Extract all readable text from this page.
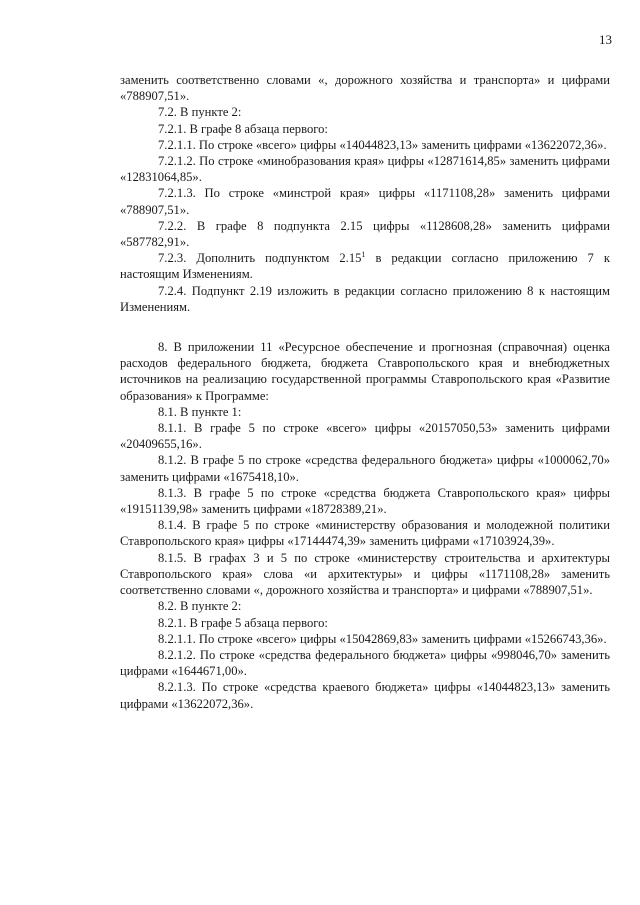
13

заменить соответственно словами «, дорожного хозяйства и транспорта» и цифрами «788907,51».

7.2. В пункте 2:

7.2.1. В графе 8 абзаца первого:

7.2.1.1. По строке «всего» цифры «14044823,13» заменить цифрами «13622072,36».

7.2.1.2. По строке «минобразования края» цифры «12871614,85» заменить цифрами «12831064,85».

7.2.1.3. По строке «минстрой края» цифры «1171108,28» заменить цифрами «788907,51».

7.2.2. В графе 8 подпункта 2.15 цифры «1128608,28» заменить цифрами «587782,91».

7.2.3. Дополнить подпунктом 2.15$^1$ в редакции согласно приложению 7 к настоящим Изменениям.

7.2.4. Подпункт 2.19 изложить в редакции согласно приложению 8 к настоящим Изменениям.

8. В приложении 11 «Ресурсное обеспечение и прогнозная (справочная) оценка расходов федерального бюджета, бюджета Ставропольского края и внебюджетных источников на реализацию государственной программы Ставропольского края «Развитие образования» к Программе:

8.1. В пункте 1:

8.1.1. В графе 5 по строке «всего» цифры «20157050,53» заменить цифрами «20409655,16».

8.1.2. В графе 5 по строке «средства федерального бюджета» цифры «1000062,70» заменить цифрами «1675418,10».

8.1.3. В графе 5 по строке «средства бюджета Ставропольского края» цифры «19151139,98» заменить цифрами «18728389,21».

8.1.4. В графе 5 по строке «министерству образования и молодежной политики Ставропольского края» цифры «17144474,39» заменить цифрами «17103924,39».

8.1.5. В графах 3 и 5 по строке «министерству строительства и архитектуры Ставропольского края» слова «и архитектуры» и цифры «1171108,28» заменить соответственно словами «, дорожного хозяйства и транспорта» и цифрами «788907,51».

8.2. В пункте 2:

8.2.1. В графе 5 абзаца первого:

8.2.1.1. По строке «всего» цифры «15042869,83» заменить цифрами «15266743,36».

8.2.1.2. По строке «средства федерального бюджета» цифры «998046,70» заменить цифрами «1644671,00».

8.2.1.3. По строке «средства краевого бюджета» цифры «14044823,13» заменить цифрами «13622072,36».
